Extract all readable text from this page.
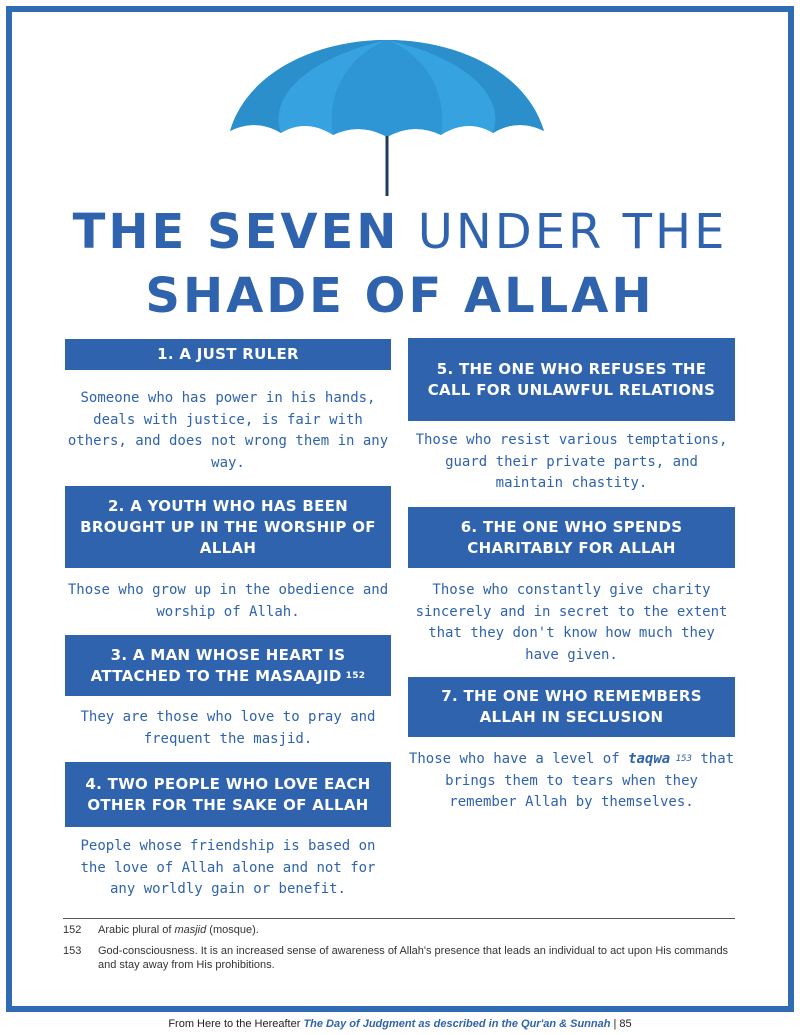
THE SEVEN UNDER THE
SHADE OF ALLAH
1. A JUST RULER
Someone who has power in his hands, deals with justice, is fair with others, and does not wrong them in any way.
2. A YOUTH WHO HAS BEEN BROUGHT UP IN THE WORSHIP OF ALLAH
Those who grow up in the obedience and worship of Allah.
3. A MAN WHOSE HEART IS ATTACHED TO THE MASAAJID $^{152}$
They are those who love to pray and frequent the masjid.
4. TWO PEOPLE WHO LOVE EACH OTHER FOR THE SAKE OF ALLAH
People whose friendship is based on the love of Allah alone and not for any worldly gain or benefit.
5. THE ONE WHO REFUSES THE CALL FOR UNLAWFUL RELATIONS
Those who resist various temptations, guard their private parts, and maintain chastity.
6. THE ONE WHO SPENDS CHARITABLY FOR ALLAH
Those who constantly give charity sincerely and in secret to the extent that they don't know how much they have given.
7. THE ONE WHO REMEMBERS ALLAH IN SECLUSION
Those who have a level of taqwa $^{153}$ that brings them to tears when they remember Allah by themselves.
152	Arabic plural of masjid (mosque).
153	God-consciousness. It is an increased sense of awareness of Allah's presence that leads an individual to act upon His commands and stay away from His prohibitions.
From Here to the Hereafter The Day of Judgment as described in the Qur'an & Sunnah | 85
